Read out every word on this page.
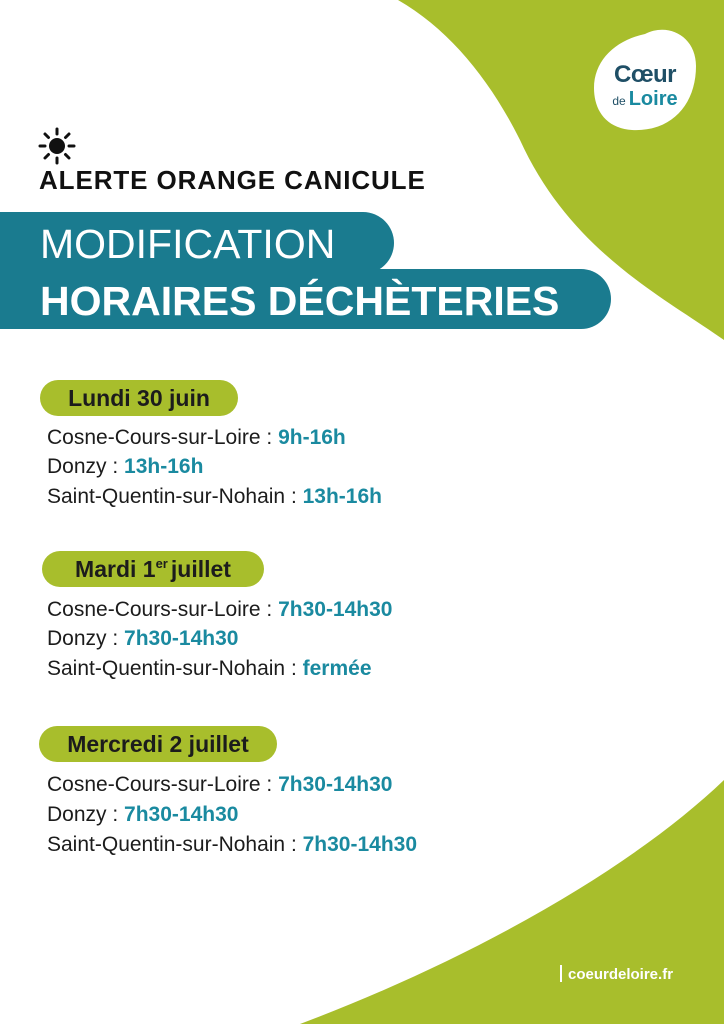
Cœur
de Loire
ALERTE ORANGE CANICULE
MODIFICATION
HORAIRES DÉCHÈTERIES
Lundi 30 juin
Cosne-Cours-sur-Loire : 9h-16h
Donzy : 13h-16h
Saint-Quentin-sur-Nohain : 13h-16h
Mardi 1er juillet
Cosne-Cours-sur-Loire : 7h30-14h30
Donzy : 7h30-14h30
Saint-Quentin-sur-Nohain : fermée
Mercredi 2 juillet
Cosne-Cours-sur-Loire : 7h30-14h30
Donzy : 7h30-14h30
Saint-Quentin-sur-Nohain : 7h30-14h30
coeurdeloire.fr
